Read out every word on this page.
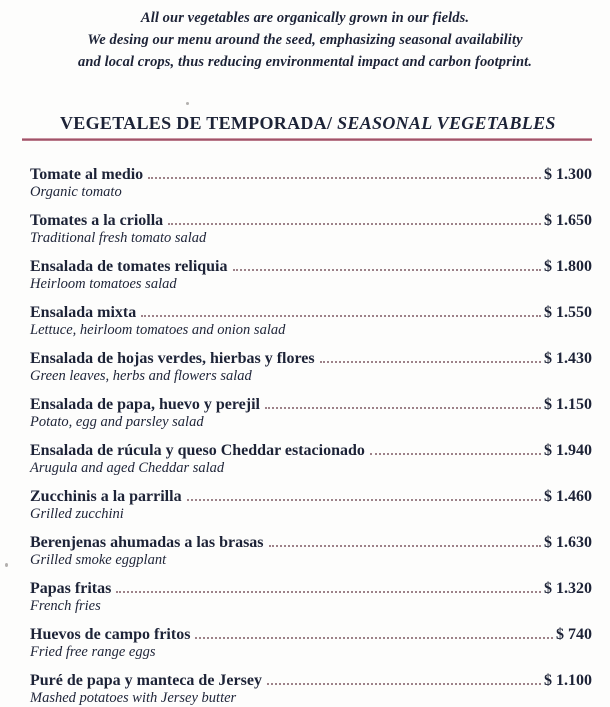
All our vegetables are organically grown in our fields.
We desing our menu around the seed, emphasizing seasonal availability
and local crops, thus reducing environmental impact and carbon footprint.
VEGETALES DE TEMPORADA/ SEASONAL VEGETABLES
Tomate al medio	$ 1.300
Organic tomato
Tomates a la criolla	$ 1.650
Traditional fresh tomato salad
Ensalada de tomates reliquia	$ 1.800
Heirloom tomatoes salad
Ensalada mixta	$ 1.550
Lettuce, heirloom tomatoes and onion salad
Ensalada de hojas verdes, hierbas y flores	$ 1.430
Green leaves, herbs and flowers salad
Ensalada de papa, huevo y perejil	$ 1.150
Potato, egg and parsley salad
Ensalada de rúcula y queso Cheddar estacionado	$ 1.940
Arugula and aged Cheddar salad
Zucchinis a la parrilla	$ 1.460
Grilled zucchini
Berenjenas ahumadas a las brasas	$ 1.630
Grilled smoke eggplant
Papas fritas	$ 1.320
French fries
Huevos de campo fritos	$ 740
Fried free range eggs
Puré de papa y manteca de Jersey	$ 1.100
Mashed potatoes with Jersey butter
